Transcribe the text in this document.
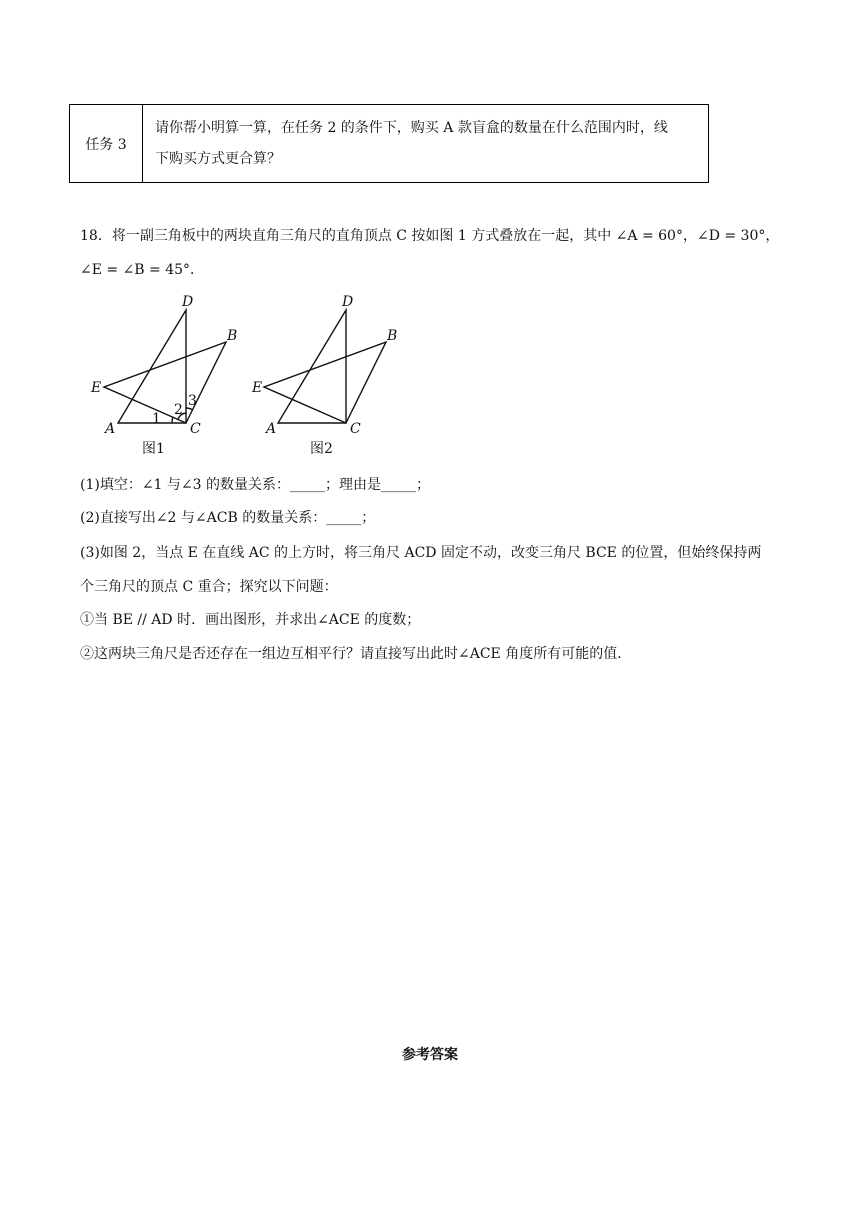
任务 3	
请你帮小明算一算，在任务 2 的条件下，购买 A 款盲盒的数量在什么范围内时，线
下购买方式更合算？
18．将一副三角板中的两块直角三角尺的直角顶点 C 按如图 1 方式叠放在一起，其中 ∠A = 60°，∠D = 30°，
∠E = ∠B = 45°．
D
B
E
A	C
1
2
3
图1
D
B
E
A	C
图2
(1)填空：∠1 与∠3 的数量关系：_____；理由是_____；
(2)直接写出∠2 与∠ACB 的数量关系：_____；
(3)如图 2，当点 E 在直线 AC 的上方时，将三角尺 ACD 固定不动，改变三角尺 BCE 的位置，但始终保持两
个三角尺的顶点 C 重合；探究以下问题：
①当 BE // AD 时．画出图形，并求出∠ACE 的度数；
②这两块三角尺是否还存在一组边互相平行？请直接写出此时∠ACE 角度所有可能的值．
参考答案
